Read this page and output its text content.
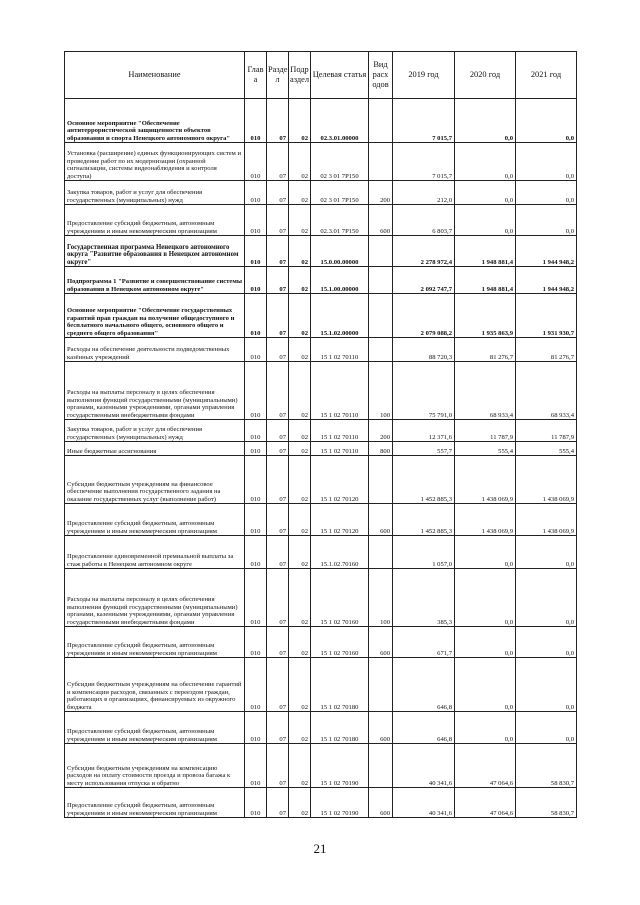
Наименование	Глав а	Разде л	Подр аздел	Целевая статья	Вид расх одов	2019 год	2020 год	2021 год
Основное мероприятие "Обеспечение антитеррористической защищенности объектов образования и спорта Ненецкого автономного округа"	010	07	02	02.3.01.00000		7 015,7	0,0	0,0
Установка (расширение) единых функционирующих систем и проведение работ по их модернизации (охранной сигнализации, системы видеонаблюдения и контроля доступа)	010	07	02	02 3 01 7Р150		7 015,7	0,0	0,0
Закупка товаров, работ и услуг для обеспечения государственных (муниципальных) нужд	010	07	02	02 3 01 7Р150	200	212,0	0,0	0,0
Предоставление субсидий бюджетным, автономным учреждениям и иным некоммерческим организациям	010	07	02	02.3.01 7Р150	600	6 803,7	0,0	0,0
Государственная программа Ненецкого автономного округа "Развитие образования в Ненецком автономном округе"	010	07	02	15.0.00.00000		2 278 972,4	1 948 881,4	1 944 948,2
Подпрограмма 1 "Развитие и совершенствование системы образования в Ненецком автономном округе"	010	07	02	15.1.00.00000		2 092 747,7	1 948 881,4	1 944 948,2
Основное мероприятие "Обеспечение государственных гарантий прав граждан на получение общедоступного и бесплатного начального общего, основного общего и среднего общего образования"	010	07	02	15.1.02.00000		2 079 088,2	1 935 863,9	1 931 930,7
Расходы на обеспечение деятельности подведомственных казённых учреждений	010	07	02	15 1 02 70110		88 720,3	81 276,7	81 276,7
Расходы на выплаты персоналу в целях обеспечения выполнения функций государственными (муниципальными) органами, казенными учреждениями, органами управления государственными внебюджетными фондами	010	07	02	15 1 02 70110	100	75 791,0	68 933,4	68 933,4
Закупка товаров, работ и услуг для обеспечения государственных (муниципальных) нужд	010	07	02	15 1 02 70110	200	12 371,6	11 787,9	11 787,9
Иные бюджетные ассигнования	010	07	02	15 1 02 70110	800	557,7	555,4	555,4
Субсидии бюджетным учреждениям на финансовое обеспечение выполнения государственного задания на оказание государственных услуг (выполнение работ)	010	07	02	15 1 02 70120		1 452 885,3	1 438 069,9	1 438 069,9
Предоставление субсидий бюджетным, автономным учреждениям и иным некоммерческим организациям	010	07	02	15 1 02 70120	600	1 452 885,3	1 438 069,9	1 438 069,9
Предоставление единовременной премиальной выплаты за стаж работы в Ненецком автономном округе	010	07	02	15.1.02.70160		1 057,0	0,0	0,0
Расходы на выплаты персоналу в целях обеспечения выполнения функций государственными (муниципальными) органами, казенными учреждениями, органами управления государственными внебюджетными фондами	010	07	02	15 1 02 70160	100	385,3	0,0	0,0
Предоставление субсидий бюджетным, автономным учреждениям и иным некоммерческим организациям	010	07	02	15 1 02 70160	600	671,7	0,0	0,0
Субсидии бюджетным учреждениям на обеспечение гарантий и компенсации расходов, связанных с переездом граждан, работающих в организациях, финансируемых из окружного бюджета	010	07	02	15 1 02 70180		646,8	0,0	0,0
Предоставление субсидий бюджетным, автономным учреждениям и иным некоммерческим организациям	010	07	02	15 1 02 70180	600	646,8	0,0	0,0
Субсидии бюджетным учреждениям на компенсацию расходов на оплату стоимости проезда и провоза багажа к месту использования отпуска и обратно	010	07	02	15 1 02 70190		40 341,6	47 064,6	58 830,7
Предоставление субсидий бюджетным, автономным учреждениям и иным некоммерческим организациям	010	07	02	15 1 02 70190	600	40 341,6	47 064,6	58 830,7
21
